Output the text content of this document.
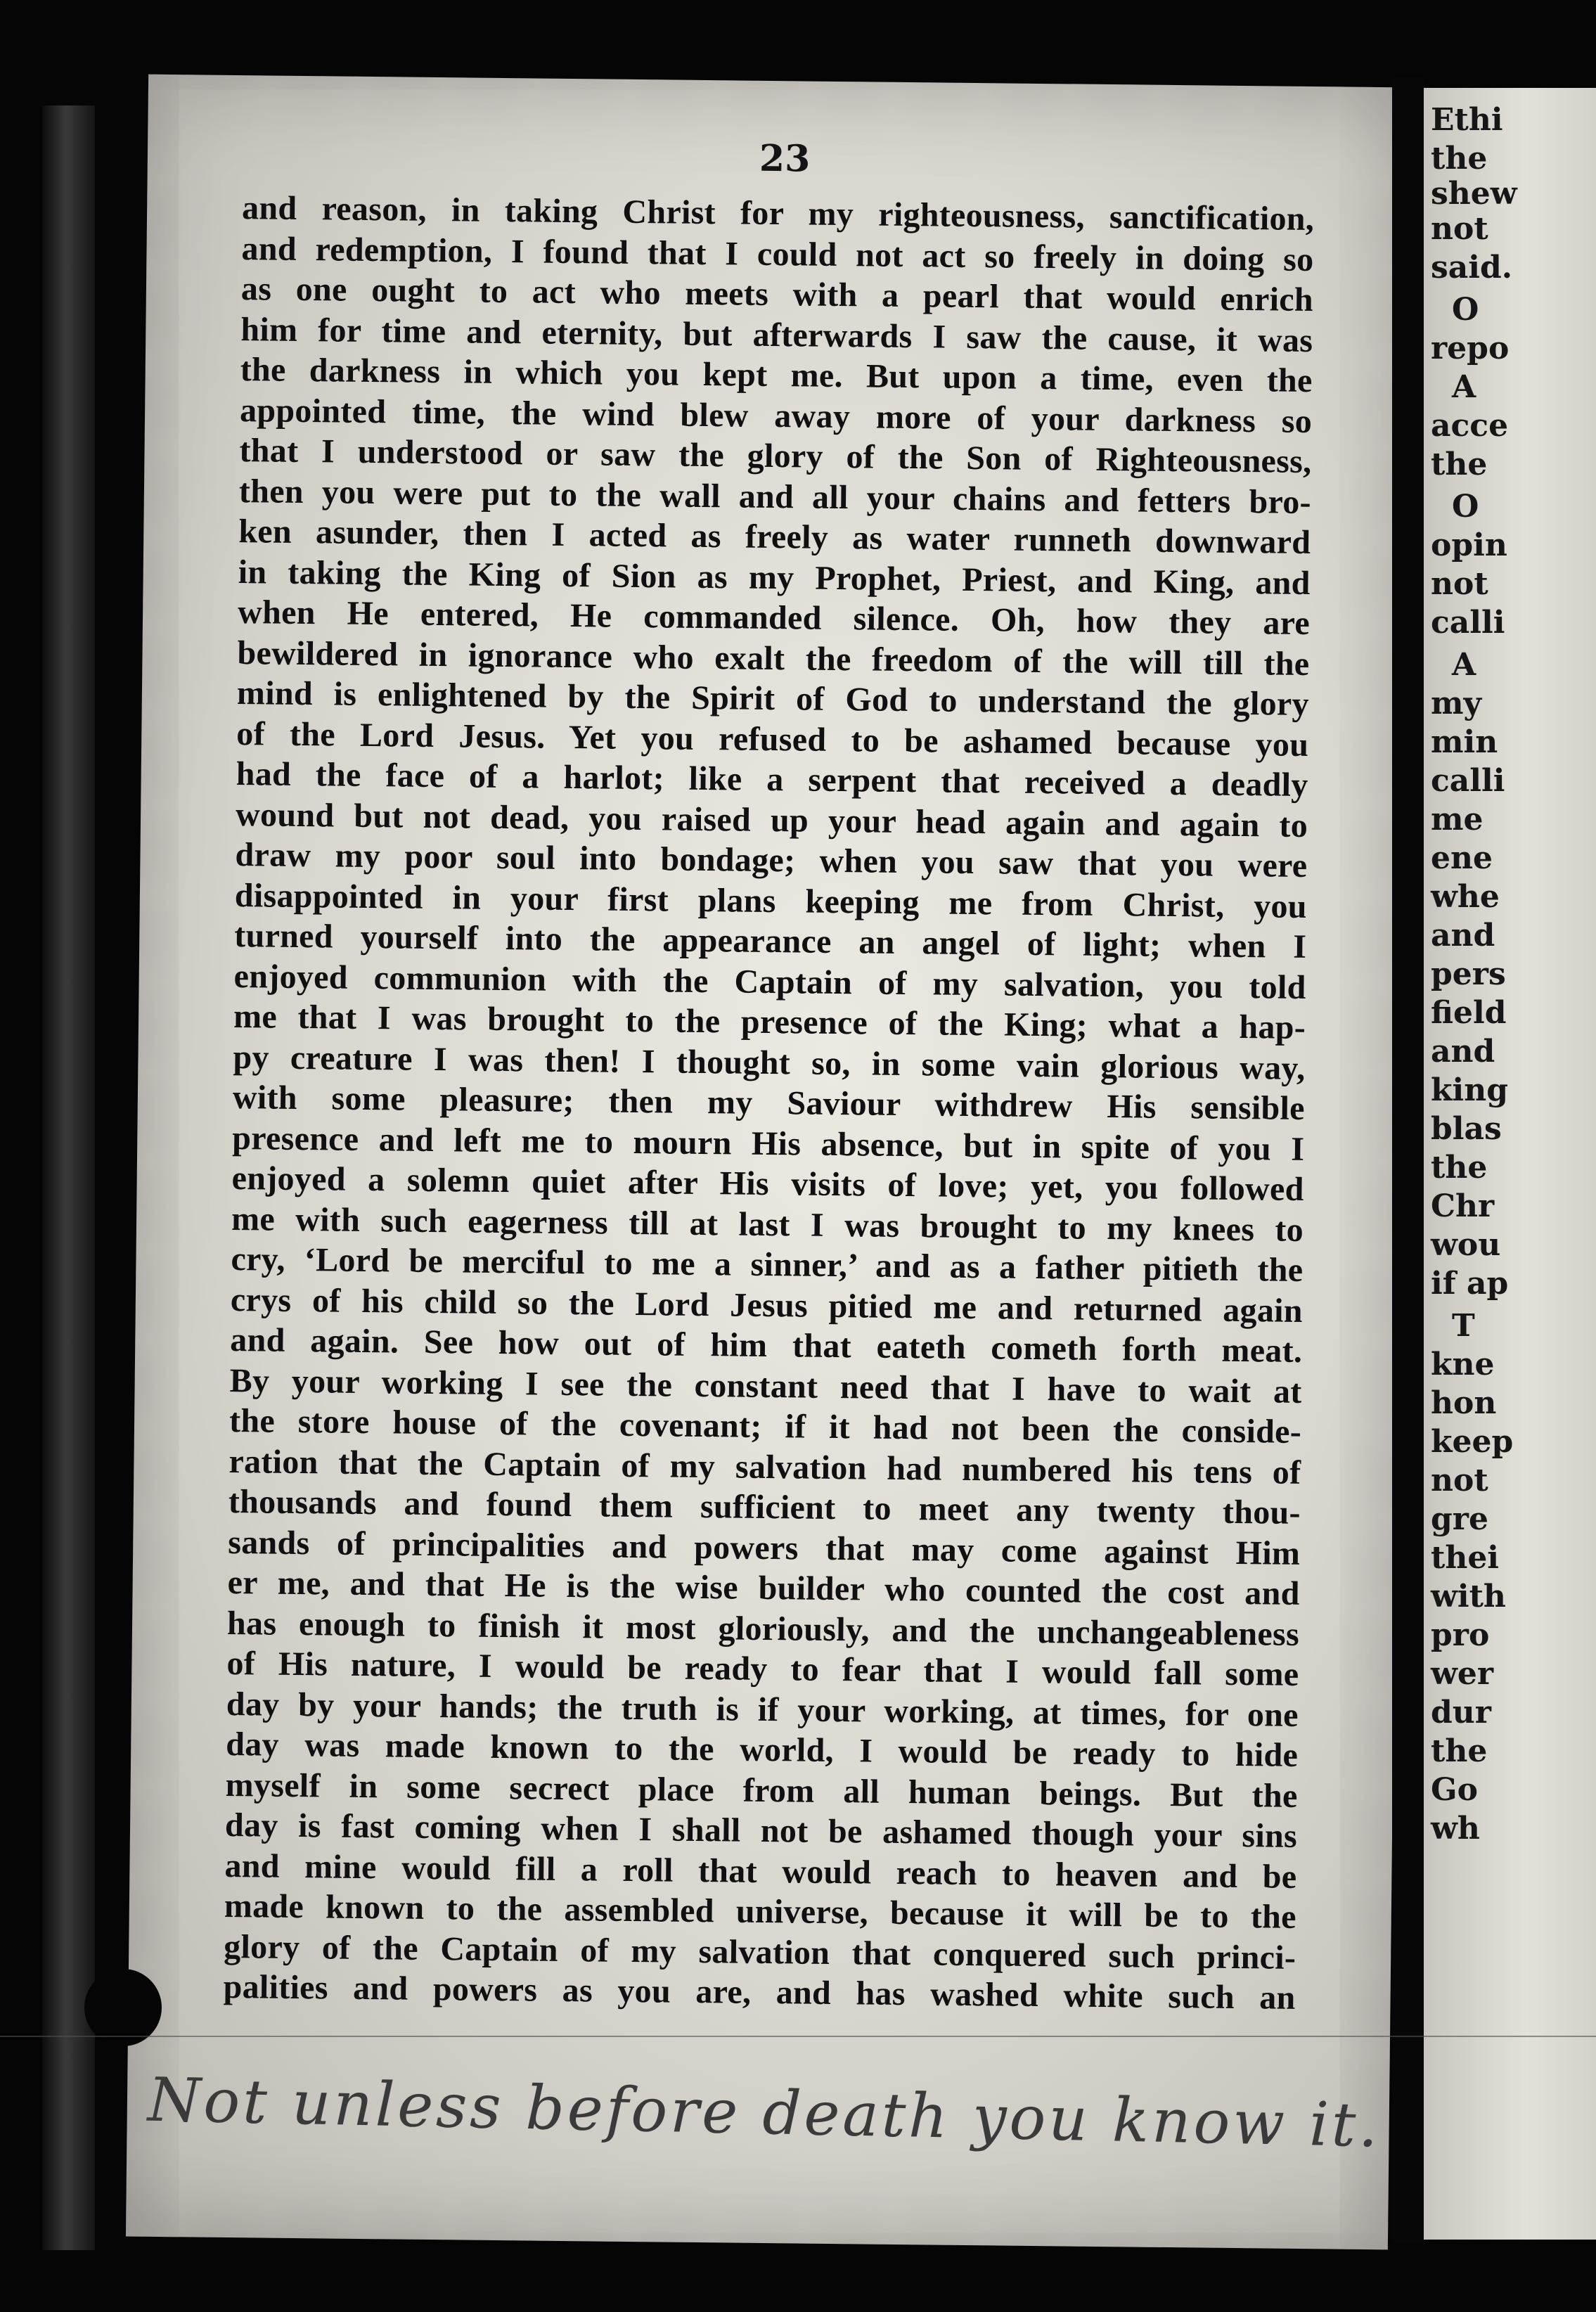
23
and reason, in taking Christ for my righteousness, sanctification,
and redemption, I found that I could not act so freely in doing so
as one ought to act who meets with a pearl that would enrich
him for time and eternity, but afterwards I saw the cause, it was
the darkness in which you kept me. But upon a time, even the
appointed time, the wind blew away more of your darkness so
that I understood or saw the glory of the Son of Righteousness,
then you were put to the wall and all your chains and fetters bro-
ken asunder, then I acted as freely as water runneth downward
in taking the King of Sion as my Prophet, Priest, and King, and
when He entered, He commanded silence. Oh, how they are
bewildered in ignorance who exalt the freedom of the will till the
mind is enlightened by the Spirit of God to understand the glory
of the Lord Jesus. Yet you refused to be ashamed because you
had the face of a harlot; like a serpent that received a deadly
wound but not dead, you raised up your head again and again to
draw my poor soul into bondage; when you saw that you were
disappointed in your first plans keeping me from Christ, you
turned yourself into the appearance an angel of light; when I
enjoyed communion with the Captain of my salvation, you told
me that I was brought to the presence of the King; what a hap-
py creature I was then! I thought so, in some vain glorious way,
with some pleasure; then my Saviour withdrew His sensible
presence and left me to mourn His absence, but in spite of you I
enjoyed a solemn quiet after His visits of love; yet, you followed
me with such eagerness till at last I was brought to my knees to
cry, ‘Lord be merciful to me a sinner,’ and as a father pitieth the
crys of his child so the Lord Jesus pitied me and returned again
and again. See how out of him that eateth cometh forth meat.
By your working I see the constant need that I have to wait at
the store house of the covenant; if it had not been the conside-
ration that the Captain of my salvation had numbered his tens of
thousands and found them sufficient to meet any twenty thou-
sands of principalities and powers that may come against Him
er me, and that He is the wise builder who counted the cost and
has enough to finish it most gloriously, and the unchangeableness
of His nature, I would be ready to fear that I would fall some
day by your hands; the truth is if your working, at times, for one
day was made known to the world, I would be ready to hide
myself in some secrect place from all human beings. But the
day is fast coming when I shall not be ashamed though your sins
and mine would fill a roll that would reach to heaven and be
made known to the assembled universe, because it will be to the
glory of the Captain of my salvation that conquered such princi-
palities and powers as you are, and has washed white such an
Ethi
the
shew
not
said.
O
repo
A
acce
the
O
opin
not
calli
A
my
min
calli
me
ene
whe
and
pers
field
and
king
blas
the
Chr
wou
if ap
T
kne
hon
keep
not
gre
thei
with
pro
wer
dur
the
Go
wh
Not unless before death you know it.
